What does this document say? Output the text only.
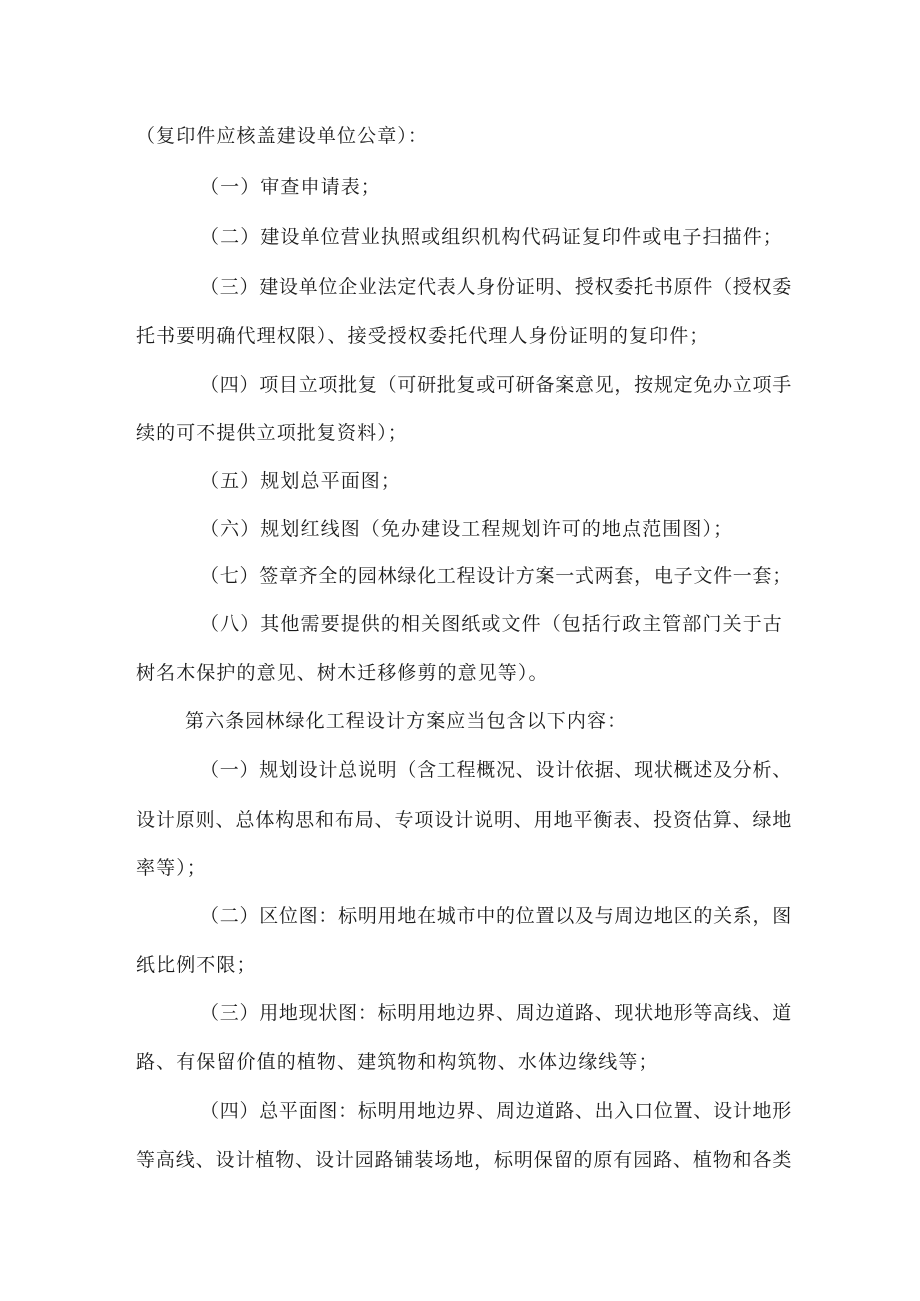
（复印件应核盖建设单位公章）：
（一）审查申请表；
（二）建设单位营业执照或组织机构代码证复印件或电子扫描件；
（三）建设单位企业法定代表人身份证明、授权委托书原件（授权委
托书要明确代理权限）、接受授权委托代理人身份证明的复印件；
（四）项目立项批复（可研批复或可研备案意见，按规定免办立项手
续的可不提供立项批复资料）；
（五）规划总平面图；
（六）规划红线图（免办建设工程规划许可的地点范围图）；
（七）签章齐全的园林绿化工程设计方案一式两套，电子文件一套；
（八）其他需要提供的相关图纸或文件（包括行政主管部门关于古
树名木保护的意见、树木迁移修剪的意见等）。
第六条园林绿化工程设计方案应当包含以下内容：
（一）规划设计总说明（含工程概况、设计依据、现状概述及分析、
设计原则、总体构思和布局、专项设计说明、用地平衡表、投资估算、绿地
率等）；
（二）区位图：标明用地在城市中的位置以及与周边地区的关系，图
纸比例不限；
（三）用地现状图：标明用地边界、周边道路、现状地形等高线、道
路、有保留价值的植物、建筑物和构筑物、水体边缘线等；
（四）总平面图：标明用地边界、周边道路、出入口位置、设计地形
等高线、设计植物、设计园路铺装场地，标明保留的原有园路、植物和各类
